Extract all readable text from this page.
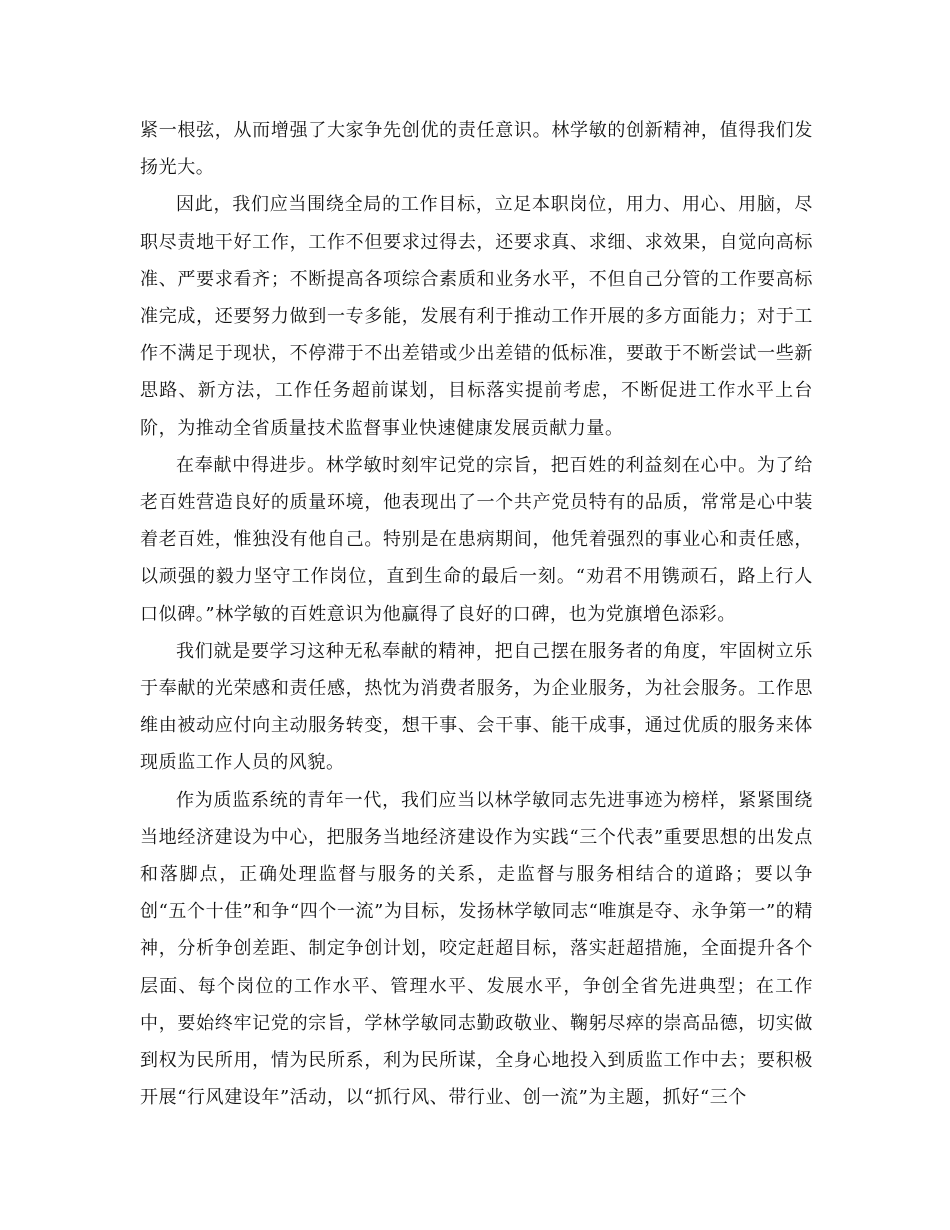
紧一根弦，从而增强了大家争先创优的责任意识。林学敏的创新精神，值得我们发扬光大。

因此，我们应当围绕全局的工作目标，立足本职岗位，用力、用心、用脑，尽职尽责地干好工作，工作不但要求过得去，还要求真、求细、求效果，自觉向高标准、严要求看齐；不断提高各项综合素质和业务水平，不但自己分管的工作要高标准完成，还要努力做到一专多能，发展有利于推动工作开展的多方面能力；对于工作不满足于现状，不停滞于不出差错或少出差错的低标准，要敢于不断尝试一些新思路、新方法，工作任务超前谋划，目标落实提前考虑，不断促进工作水平上台阶，为推动全省质量技术监督事业快速健康发展贡献力量。

在奉献中得进步。林学敏时刻牢记党的宗旨，把百姓的利益刻在心中。为了给老百姓营造良好的质量环境，他表现出了一个共产党员特有的品质，常常是心中装着老百姓，惟独没有他自己。特别是在患病期间，他凭着强烈的事业心和责任感，以顽强的毅力坚守工作岗位，直到生命的最后一刻。“劝君不用镌顽石，路上行人口似碑。”林学敏的百姓意识为他赢得了良好的口碑，也为党旗增色添彩。

我们就是要学习这种无私奉献的精神，把自己摆在服务者的角度，牢固树立乐于奉献的光荣感和责任感，热忱为消费者服务，为企业服务，为社会服务。工作思维由被动应付向主动服务转变，想干事、会干事、能干成事，通过优质的服务来体现质监工作人员的风貌。

作为质监系统的青年一代，我们应当以林学敏同志先进事迹为榜样，紧紧围绕当地经济建设为中心，把服务当地经济建设作为实践“三个代表”重要思想的出发点和落脚点，正确处理监督与服务的关系，走监督与服务相结合的道路；要以争创“五个十佳”和争“四个一流”为目标，发扬林学敏同志“唯旗是夺、永争第一”的精神，分析争创差距、制定争创计划，咬定赶超目标，落实赶超措施，全面提升各个层面、每个岗位的工作水平、管理水平、发展水平，争创全省先进典型；在工作中，要始终牢记党的宗旨，学林学敏同志勤政敬业、鞠躬尽瘁的崇高品德，切实做到权为民所用，情为民所系，利为民所谋，全身心地投入到质监工作中去；要积极开展“行风建设年”活动，以“抓行风、带行业、创一流”为主题，抓好“三个
